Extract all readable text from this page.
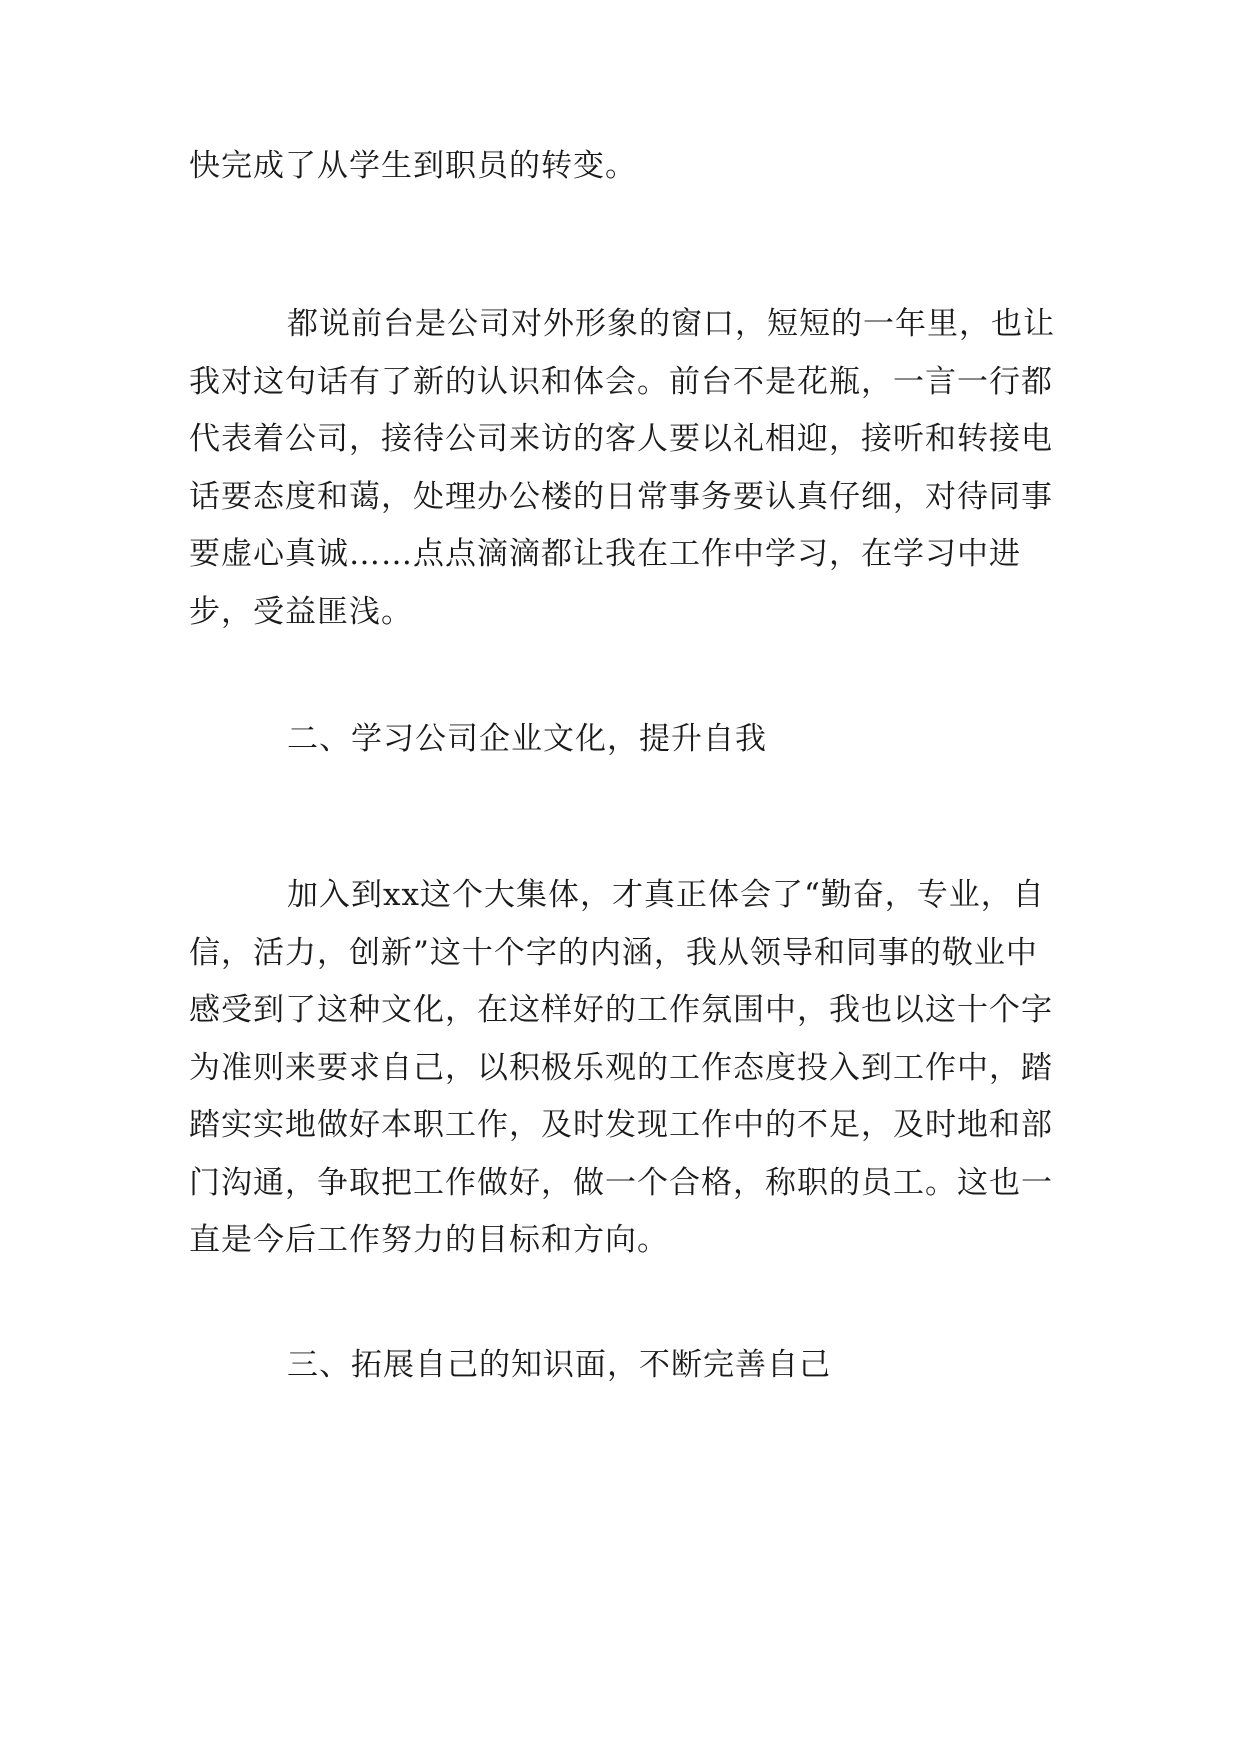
快完成了从学生到职员的转变。

都说前台是公司对外形象的窗口，短短的一年里，也让我对这句话有了新的认识和体会。前台不是花瓶，一言一行都代表着公司，接待公司来访的客人要以礼相迎，接听和转接电话要态度和蔼，处理办公楼的日常事务要认真仔细，对待同事要虚心真诚……点点滴滴都让我在工作中学习，在学习中进步，受益匪浅。

二、学习公司企业文化，提升自我

加入到xx这个大集体，才真正体会了“勤奋，专业，自信，活力，创新”这十个字的内涵，我从领导和同事的敬业中感受到了这种文化，在这样好的工作氛围中，我也以这十个字为准则来要求自己，以积极乐观的工作态度投入到工作中，踏踏实实地做好本职工作，及时发现工作中的不足，及时地和部门沟通，争取把工作做好，做一个合格，称职的员工。这也一直是今后工作努力的目标和方向。

三、拓展自己的知识面，不断完善自己
